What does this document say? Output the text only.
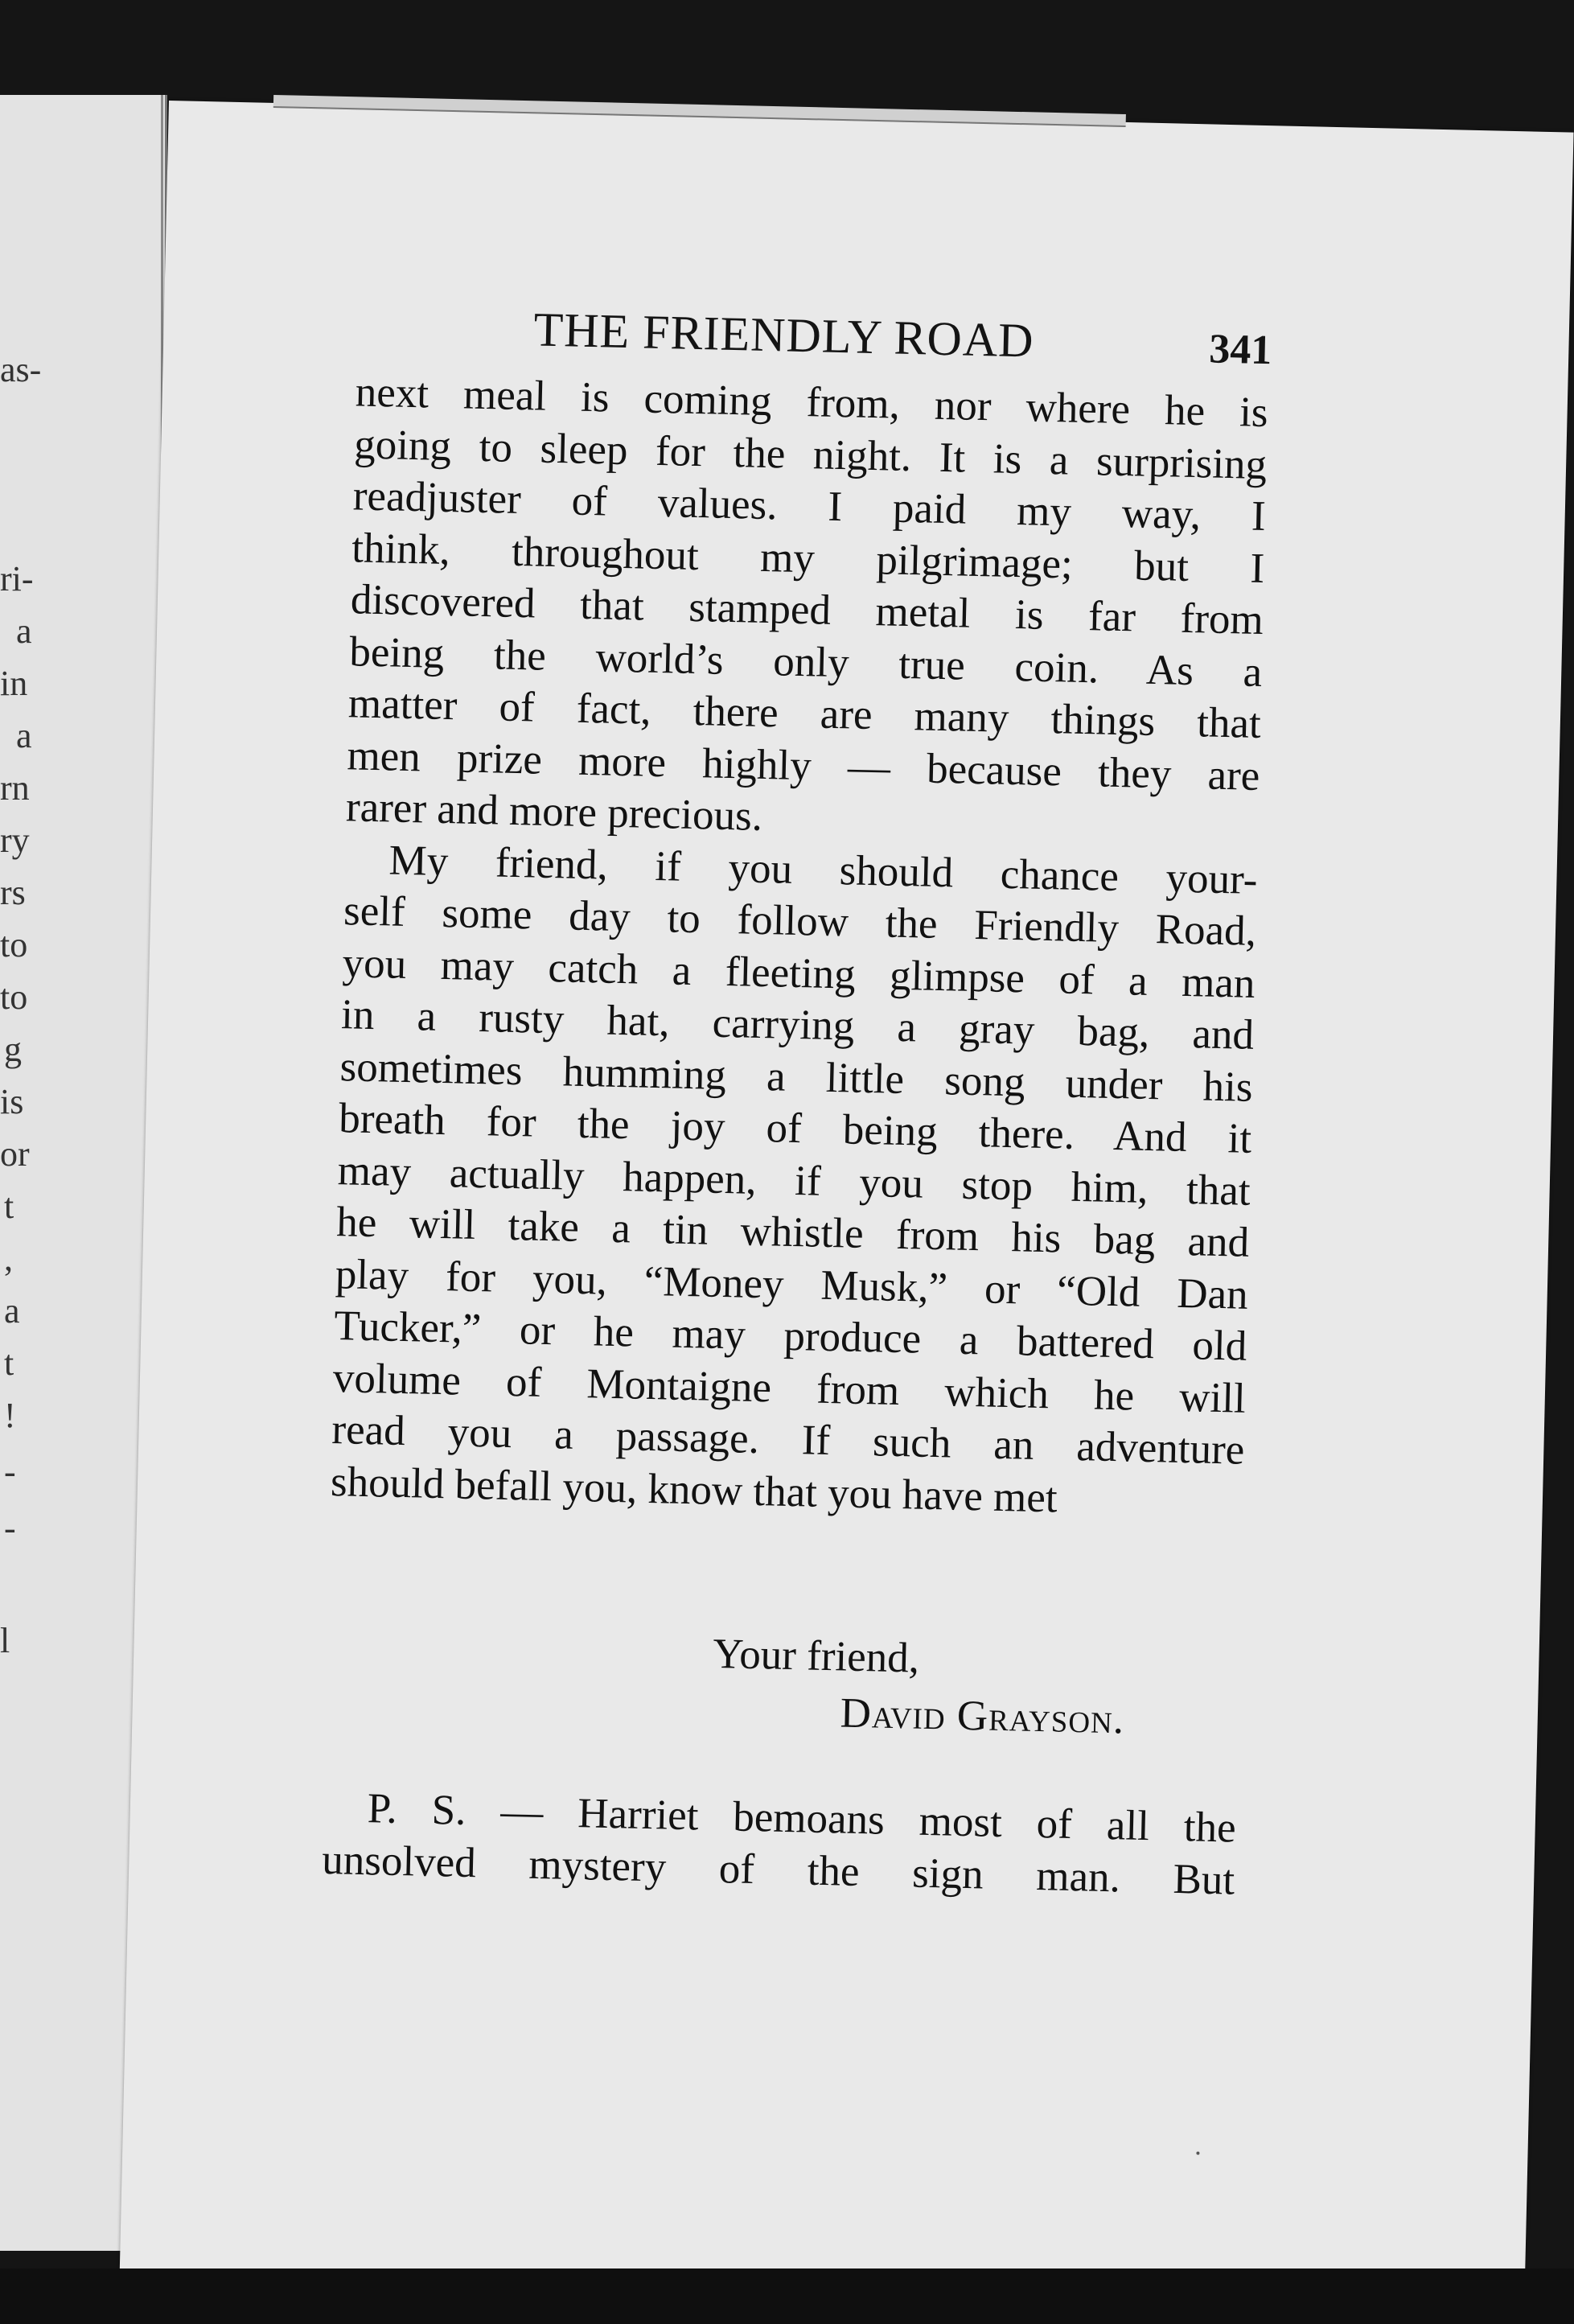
as-
ri-
a
in
a
rn
ry
rs
to
to
g
is
or
t
,
a
t
!
-
-
l
THE FRIENDLY ROAD	341
next meal is coming from, nor where he is
going to sleep for the night. It is a surprising
readjuster of values. I paid my way, I
think, throughout my pilgrimage; but I
discovered that stamped metal is far from
being the world’s only true coin. As a
matter of fact, there are many things that
men prize more highly — because they are
rarer and more precious.
My friend, if you should chance your-
self some day to follow the Friendly Road,
you may catch a fleeting glimpse of a man
in a rusty hat, carrying a gray bag, and
sometimes humming a little song under his
breath for the joy of being there. And it
may actually happen, if you stop him, that
he will take a tin whistle from his bag and
play for you, “Money Musk,” or “Old Dan
Tucker,” or he may produce a battered old
volume of Montaigne from which he will
read you a passage. If such an adventure
should befall you, know that you have met
Your friend,
David Grayson.
P. S. — Harriet bemoans most of all the
unsolved mystery of the sign man. But
